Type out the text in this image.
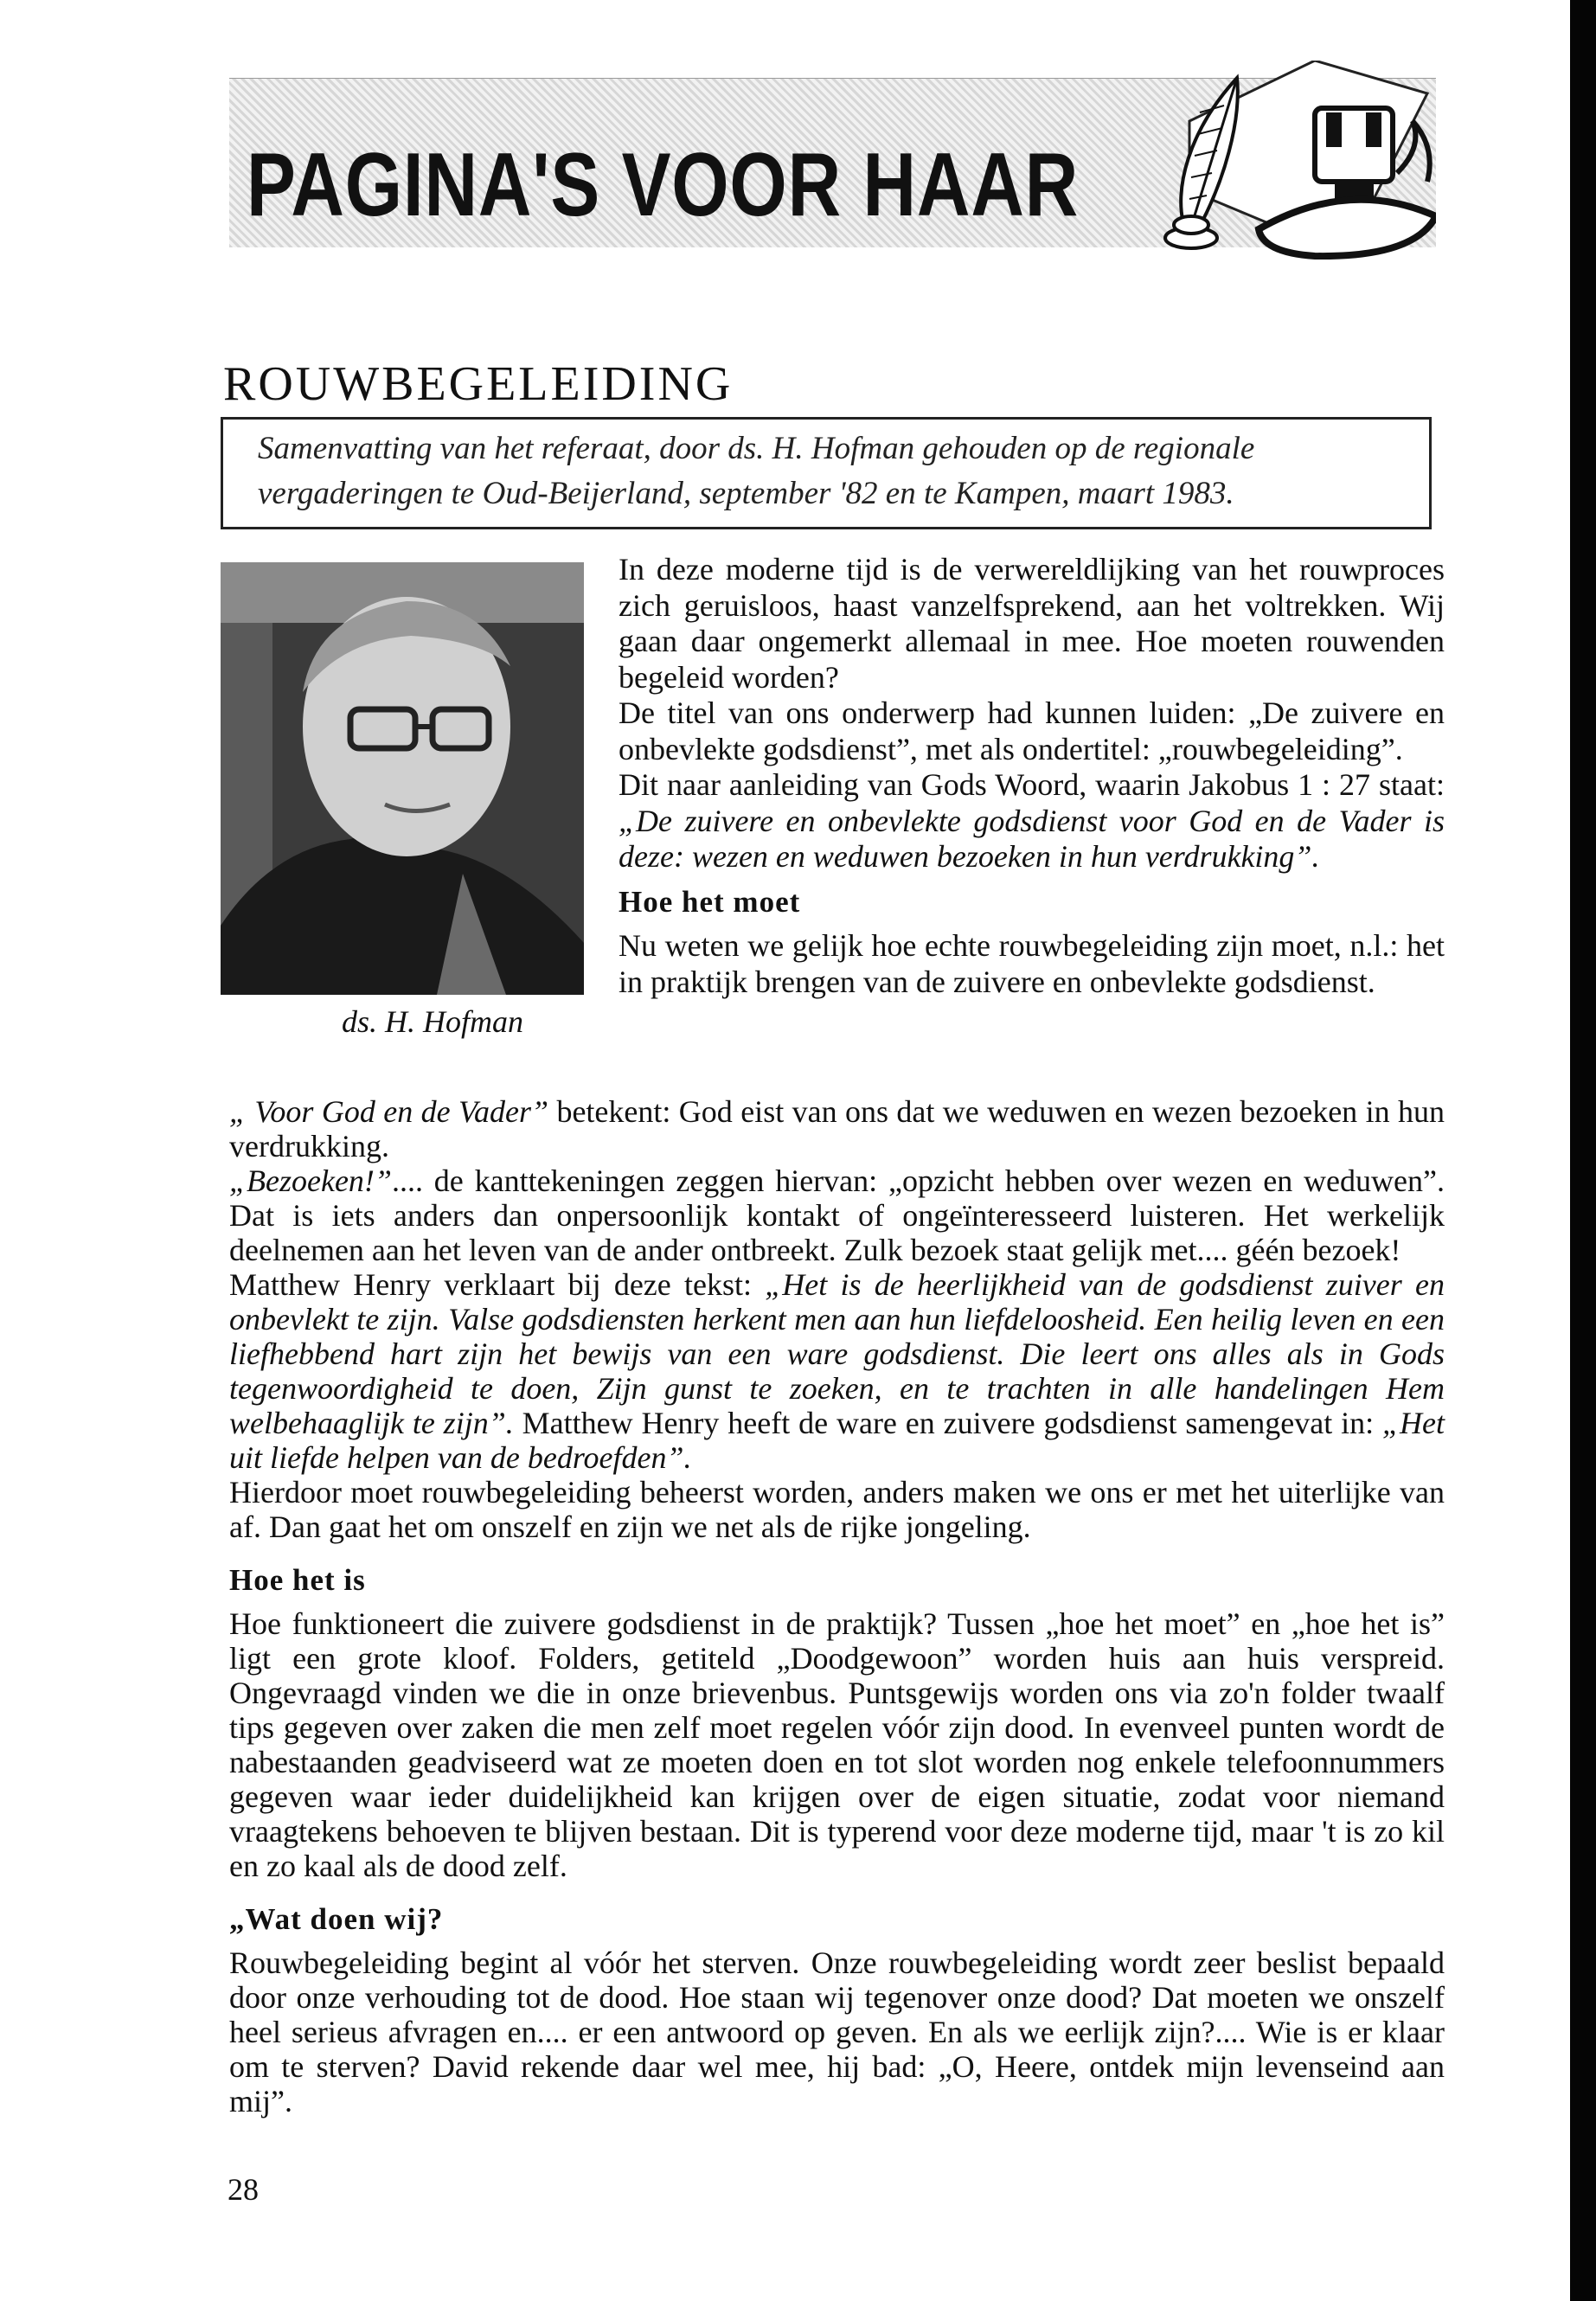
PAGINA'S VOOR HAAR
ROUWBEGELEIDING
Samenvatting van het referaat, door ds. H. Hofman gehouden op de regionale
vergaderingen te Oud-Beijerland, september '82 en te Kampen, maart 1983.
ds. H. Hofman

In deze moderne tijd is de verwereldlijking van het rouwproces zich geruisloos, haast vanzelfsprekend, aan het voltrekken. Wij gaan daar ongemerkt allemaal in mee. Hoe moeten rouwenden begeleid worden?

De titel van ons onderwerp had kunnen luiden: „De zuivere en onbevlekte godsdienst”, met als ondertitel: „rouwbegeleiding”.

Dit naar aanleiding van Gods Woord, waarin Jakobus 1 : 27 staat: „De zuivere en onbevlekte godsdienst voor God en de Vader is deze: wezen en weduwen bezoeken in hun verdrukking”.

Hoe het moet

Nu weten we gelijk hoe echte rouwbegeleiding zijn moet, n.l.: het in praktijk brengen van de zuivere en onbevlekte godsdienst.

„ Voor God en de Vader” betekent: God eist van ons dat we weduwen en wezen bezoeken in hun verdrukking.

„Bezoeken!”.... de kanttekeningen zeggen hiervan: „opzicht hebben over wezen en weduwen”. Dat is iets anders dan onpersoonlijk kontakt of ongeïnteresseerd luisteren. Het werkelijk deelnemen aan het leven van de ander ontbreekt. Zulk bezoek staat gelijk met.... géén bezoek!

Matthew Henry verklaart bij deze tekst: „Het is de heerlijkheid van de godsdienst zuiver en onbevlekt te zijn. Valse godsdiensten herkent men aan hun liefdeloosheid. Een heilig leven en een liefhebbend hart zijn het bewijs van een ware godsdienst. Die leert ons alles als in Gods tegenwoordigheid te doen, Zijn gunst te zoeken, en te trachten in alle handelingen Hem welbehaaglijk te zijn”. Matthew Henry heeft de ware en zuivere godsdienst samengevat in: „Het uit liefde helpen van de bedroefden”.

Hierdoor moet rouwbegeleiding beheerst worden, anders maken we ons er met het uiterlijke van af. Dan gaat het om onszelf en zijn we net als de rijke jongeling.

Hoe het is

Hoe funktioneert die zuivere godsdienst in de praktijk? Tussen „hoe het moet” en „hoe het is” ligt een grote kloof. Folders, getiteld „Doodgewoon” worden huis aan huis verspreid. Ongevraagd vinden we die in onze brievenbus. Puntsgewijs worden ons via zo'n folder twaalf tips gegeven over zaken die men zelf moet regelen vóór zijn dood. In evenveel punten wordt de nabestaanden geadviseerd wat ze moeten doen en tot slot worden nog enkele telefoonnummers gegeven waar ieder duidelijkheid kan krijgen over de eigen situatie, zodat voor niemand vraagtekens behoeven te blijven bestaan. Dit is typerend voor deze moderne tijd, maar 't is zo kil en zo kaal als de dood zelf.

„Wat doen wij?

Rouwbegeleiding begint al vóór het sterven. Onze rouwbegeleiding wordt zeer beslist bepaald door onze verhouding tot de dood. Hoe staan wij tegenover onze dood? Dat moeten we onszelf heel serieus afvragen en.... er een antwoord op geven. En als we eerlijk zijn?.... Wie is er klaar om te sterven? David rekende daar wel mee, hij bad: „O, Heere, ontdek mijn levenseind aan mij”.

28
